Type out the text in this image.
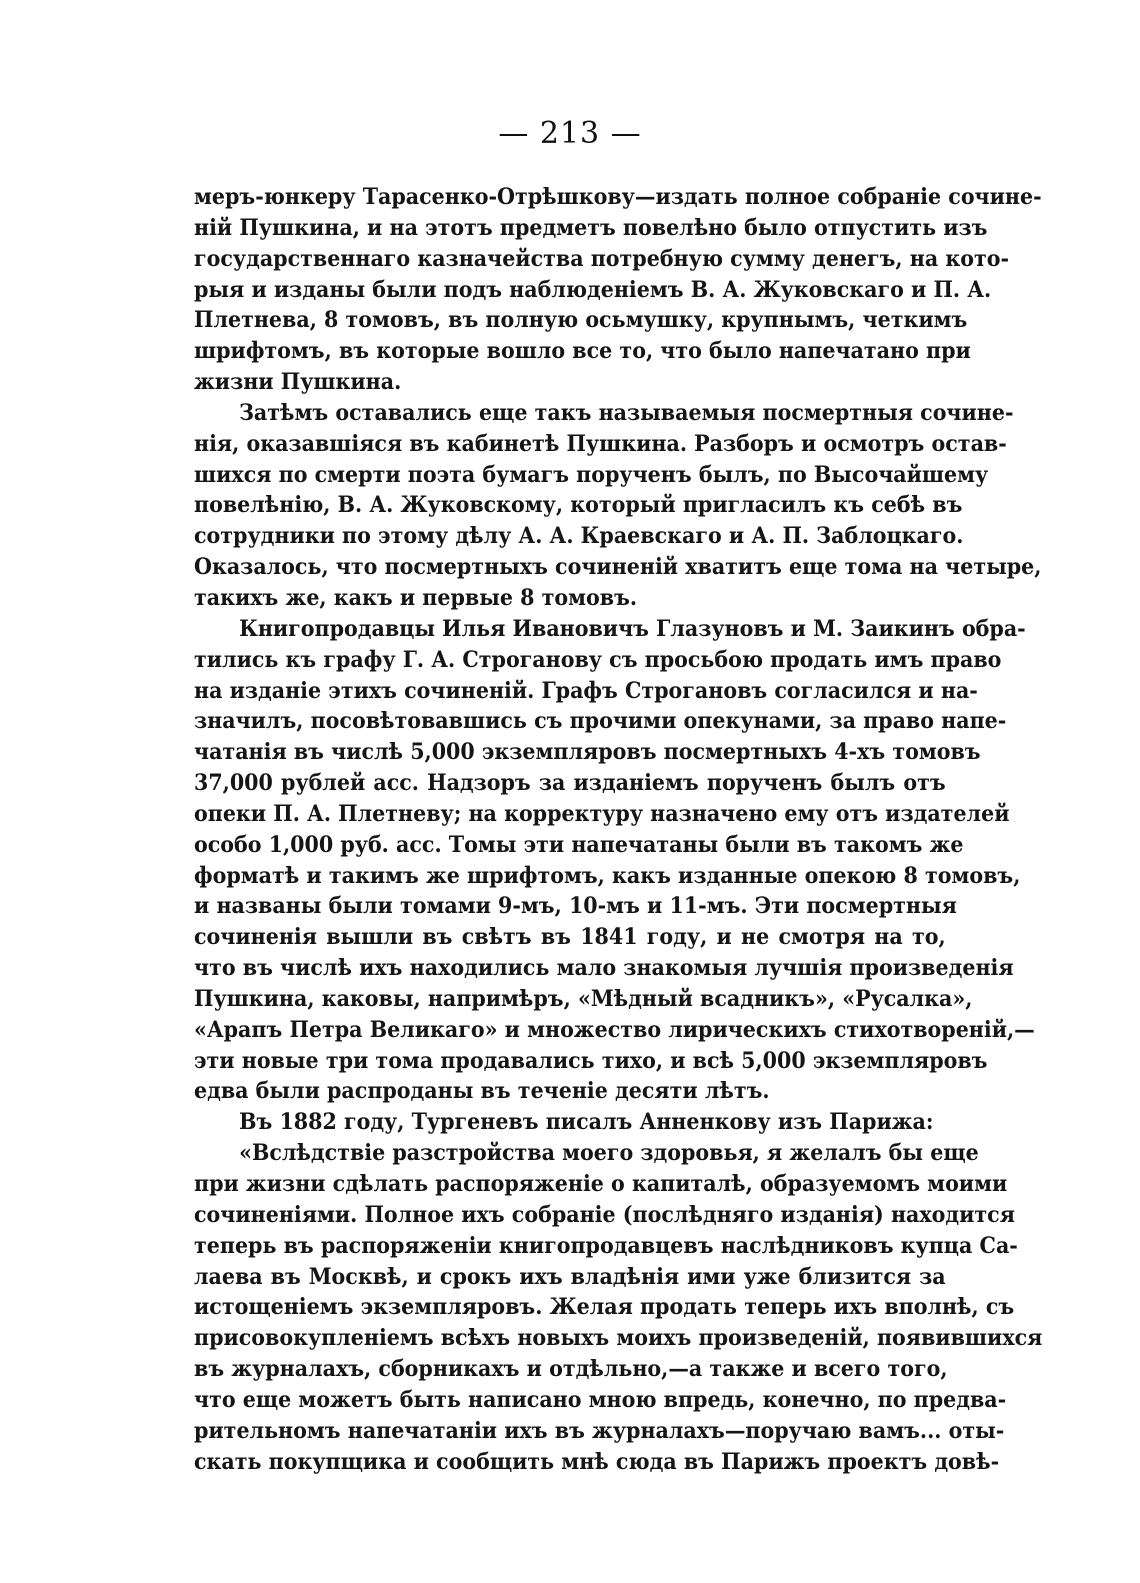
— 213 —
меръ-юнкеру Тарасенко-Отрѣшкову—издать полное собраніе сочине-
ній Пушкина, и на этотъ предметъ повелѣно было отпустить изъ
государственнаго казначейства потребную сумму денегъ, на кото-
рыя и изданы были подъ наблюденіемъ В. А. Жуковскаго и П. А.
Плетнева, 8 томовъ, въ полную осьмушку, крупнымъ, четкимъ
шрифтомъ, въ которые вошло все то, что было напечатано при
жизни Пушкина.
Затѣмъ оставались еще такъ называемыя посмертныя сочине-
нія, оказавшіяся въ кабинетѣ Пушкина. Разборъ и осмотръ остав-
шихся по смерти поэта бумагъ порученъ былъ, по Высочайшему
повелѣнію, В. А. Жуковскому, который пригласилъ къ себѣ въ
сотрудники по этому дѣлу А. А. Краевскаго и А. П. Заблоцкаго.
Оказалось, что посмертныхъ сочиненій хватитъ еще тома на четыре,
такихъ же, какъ и первые 8 томовъ.
Книгопродавцы Илья Ивановичъ Глазуновъ и М. Заикинъ обра-
тились къ графу Г. А. Строганову съ просьбою продать имъ право
на изданіе этихъ сочиненій. Графъ Строгановъ согласился и на-
значилъ, посовѣтовавшись съ прочими опекунами, за право напе-
чатанія въ числѣ 5,000 экземпляровъ посмертныхъ 4-хъ томовъ
37,000 рублей асс. Надзоръ за изданіемъ порученъ былъ отъ
опеки П. А. Плетневу; на корректуру назначено ему отъ издателей
особо 1,000 руб. асс. Томы эти напечатаны были въ такомъ же
форматѣ и такимъ же шрифтомъ, какъ изданные опекою 8 томовъ,
и названы были томами 9-мъ, 10-мъ и 11-мъ. Эти посмертныя
сочиненія вышли въ свѣтъ въ 1841 году, и не смотря на то,
что въ числѣ ихъ находились мало знакомыя лучшія произведенія
Пушкина, каковы, напримѣръ, «Мѣдный всадникъ», «Русалка»,
«Арапъ Петра Великаго» и множество лирическихъ стихотвореній,—
эти новые три тома продавались тихо, и всѣ 5,000 экземпляровъ
едва были распроданы въ теченіе десяти лѣтъ.
Въ 1882 году, Тургеневъ писалъ Анненкову изъ Парижа:
«Вслѣдствіе разстройства моего здоровья, я желалъ бы еще
при жизни сдѣлать распоряженіе о капиталѣ, образуемомъ моими
сочиненіями. Полное ихъ собраніе (послѣдняго изданія) находится
теперь въ распоряженіи книгопродавцевъ наслѣдниковъ купца Са-
лаева въ Москвѣ, и срокъ ихъ владѣнія ими уже близится за
истощеніемъ экземпляровъ. Желая продать теперь ихъ вполнѣ, съ
присовокупленіемъ всѣхъ новыхъ моихъ произведеній, появившихся
въ журналахъ, сборникахъ и отдѣльно,—а также и всего того,
что еще можетъ быть написано мною впредь, конечно, по предва-
рительномъ напечатаніи ихъ въ журналахъ—поручаю вамъ... оты-
скать покупщика и сообщить мнѣ сюда въ Парижъ проектъ довѣ-
